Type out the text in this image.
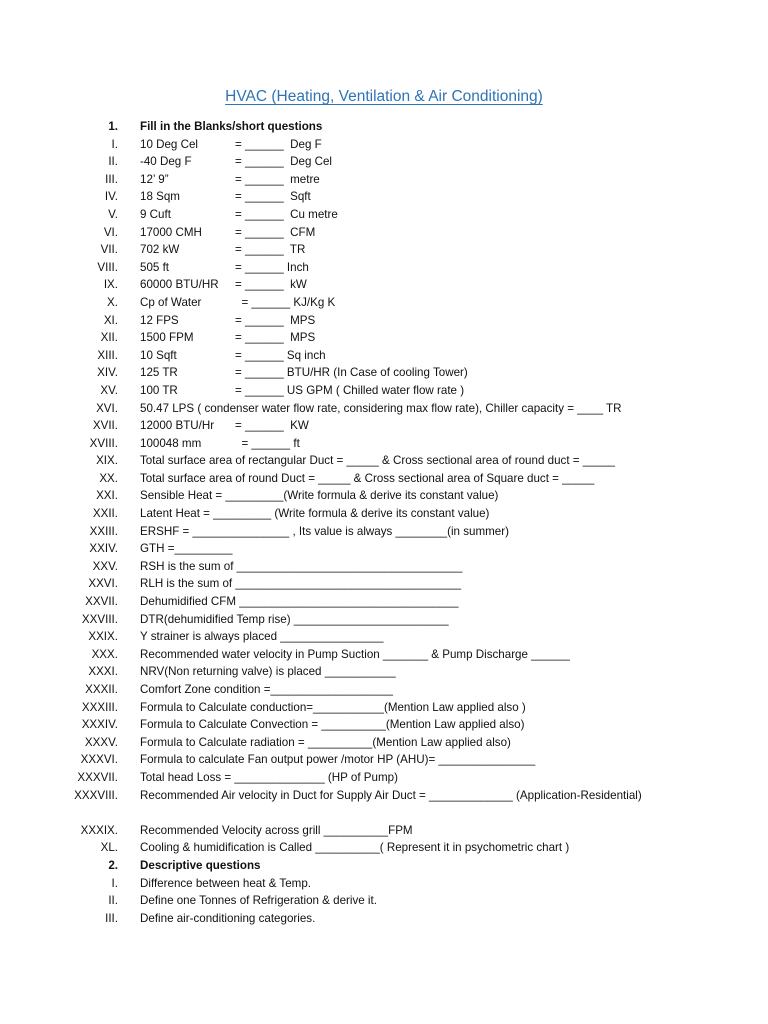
HVAC (Heating, Ventilation & Air Conditioning)
1. Fill in the Blanks/short questions
I. 10 Deg Cel	= ______  Deg F
II. -40 Deg F	= ______  Deg Cel
III. 12’ 9”	= ______  metre
IV. 18 Sqm	= ______  Sqft
V. 9 Cuft	= ______  Cu metre
VI. 17000 CMH	= ______  CFM
VII. 702 kW	= ______  TR
VIII. 505 ft	= ______ Inch
IX. 60000 BTU/HR = ______  kW
X. Cp of Water	= ______ KJ/Kg K
XI. 12 FPS	= ______  MPS
XII. 1500 FPM	= ______  MPS
XIII. 10 Sqft	= ______ Sq inch
XIV. 125 TR	= ______ BTU/HR (In Case of cooling Tower)
XV. 100 TR	= ______ US GPM ( Chilled water flow rate )
XVI. 50.47 LPS ( condenser water flow rate, considering max flow rate), Chiller capacity = ____ TR
XVII. 12000 BTU/Hr = ______  KW
XVIII. 100048 mm	= ______ ft
XIX. Total surface area of rectangular Duct = _____ & Cross sectional area of round duct = _____
XX. Total surface area of round Duct = _____ & Cross sectional area of Square duct = _____
XXI. Sensible Heat = _________(Write formula & derive its constant value)
XXII. Latent Heat = _________ (Write formula & derive its constant value)
XXIII. ERSHF = _______________ , Its value is always ________(in summer)
XXIV. GTH =_________
XXV. RSH is the sum of ___________________________________
XXVI. RLH is the sum of ___________________________________
XXVII. Dehumidified CFM __________________________________
XXVIII. DTR(dehumidified Temp rise) ________________________
XXIX. Y strainer is always placed ________________
XXX. Recommended water velocity in Pump Suction _______ & Pump Discharge ______
XXXI. NRV(Non returning valve) is placed ___________
XXXII. Comfort Zone condition =___________________
XXXIII. Formula to Calculate conduction=___________(Mention Law applied also )
XXXIV. Formula to Calculate Convection = __________(Mention Law applied also)
XXXV. Formula to Calculate radiation = __________(Mention Law applied also)
XXXVI. Formula to calculate Fan output power /motor HP (AHU)= _______________
XXXVII. Total head Loss = ______________ (HP of Pump)
XXXVIII. Recommended Air velocity in Duct for Supply Air Duct = _____________ (Application-Residential)
XXXIX. Recommended Velocity across grill __________FPM
XL. Cooling & humidification is Called __________( Represent it in psychometric chart )
2. Descriptive questions
I. Difference between heat & Temp.
II. Define one Tonnes of Refrigeration & derive it.
III. Define air-conditioning categories.
